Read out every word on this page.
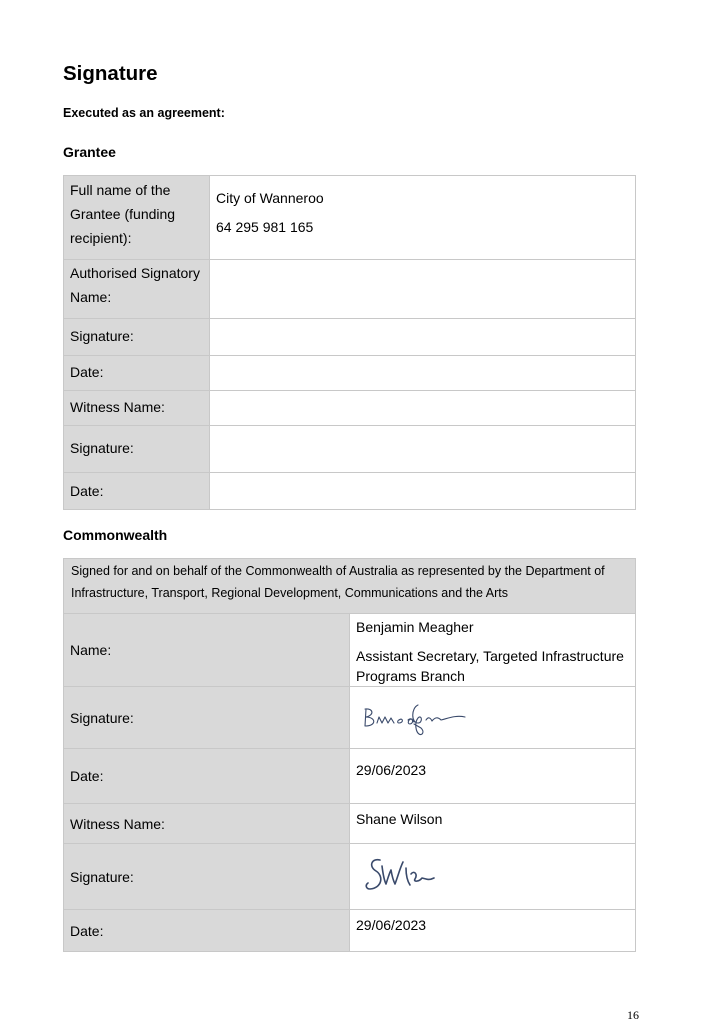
Signature
Executed as an agreement:
Grantee
Full name of the Grantee (funding recipient):	City of Wanneroo
64 295 981 165

Authorised Signatory Name:	
Signature:	
Date:	
Witness Name:	
Signature:	
Date:	
Commonwealth
Signed for and on behalf of the Commonwealth of Australia as represented by the Department of Infrastructure, Transport, Regional Development, Communications and the Arts	
Name:	Benjamin Meagher
Assistant Secretary, Targeted Infrastructure Programs Branch

Signature:	

Date:	29/06/2023
Witness Name:	Shane Wilson
Signature:	

Date:	29/06/2023
16
